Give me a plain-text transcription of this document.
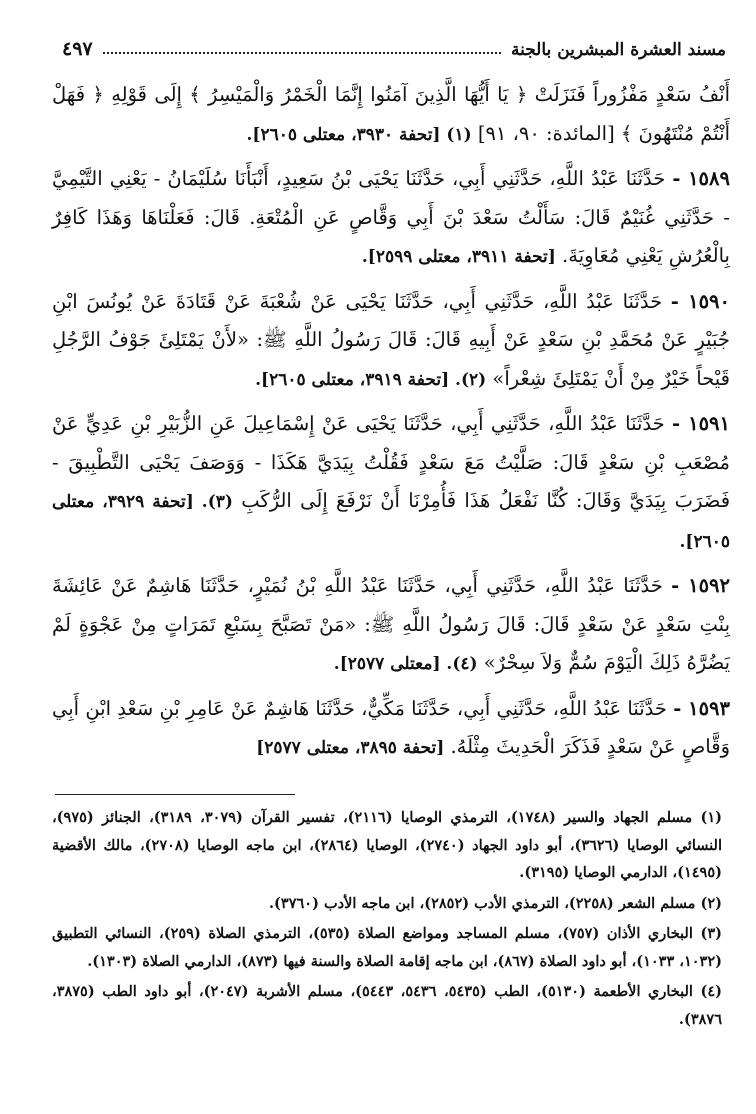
مسند العشرة المبشرين بالجنة
٤٩٧

أَنْفُ سَعْدٍ مَفْزُوراً فَنَزَلَتْ ﴿ يَا أَيُّهَا الَّذِينَ آمَنُوا إِنَّمَا الْخَمْرُ وَالْمَيْسِرُ ﴾ إِلَى قَوْلِهِ ﴿ فَهَلْ أَنْتُمْ مُنْتَهُونَ ﴾ [المائدة: ٩٠، ٩١] (١) [تحفة ٣٩٣٠، معتلى ٢٦٠٥].

١٥٨٩ - حَدَّثَنَا عَبْدُ اللَّهِ، حَدَّثَنِي أَبِي، حَدَّثَنَا يَحْيَى بْنُ سَعِيدٍ، أَنْبَأَنَا سُلَيْمَانُ - يَعْنِي التَّيْمِيَّ - حَدَّثَنِي غُنَيْمٌ قَالَ: سَأَلْتُ سَعْدَ بْنَ أَبِي وَقَّاصٍ عَنِ الْمُتْعَةِ. قَالَ: فَعَلْنَاهَا وَهَذَا كَافِرٌ بِالْعُرُشِ يَعْنِي مُعَاوِيَةَ. [تحفة ٣٩١١، معتلى ٢٥٩٩].

١٥٩٠ - حَدَّثَنَا عَبْدُ اللَّهِ، حَدَّثَنِي أَبِي، حَدَّثَنَا يَحْيَى عَنْ شُعْبَةَ عَنْ قَتَادَةَ عَنْ يُونُسَ ابْنِ جُبَيْرٍ عَنْ مُحَمَّدِ بْنِ سَعْدٍ عَنْ أَبِيهِ قَالَ: قَالَ رَسُولُ اللَّهِ ﷺ: «لأَنْ يَمْتَلِئَ جَوْفُ الرَّجُلِ قَيْحاً خَيْرٌ مِنْ أَنْ يَمْتَلِئَ شِعْراً» (٢). [تحفة ٣٩١٩، معتلى ٢٦٠٥].

١٥٩١ - حَدَّثَنَا عَبْدُ اللَّهِ، حَدَّثَنِي أَبِي، حَدَّثَنَا يَحْيَى عَنْ إِسْمَاعِيلَ عَنِ الزُّبَيْرِ بْنِ عَدِيٍّ عَنْ مُصْعَبِ بْنِ سَعْدٍ قَالَ: صَلَّيْتُ مَعَ سَعْدٍ فَقُلْتُ بِيَدَيَّ هَكَذَا - وَوَصَفَ يَحْيَى التَّطْبِيقَ - فَضَرَبَ بِيَدَيَّ وَقَالَ: كُنَّا نَفْعَلُ هَذَا فَأُمِرْنَا أَنْ نَرْفَعَ إِلَى الرُّكَبِ (٣). [تحفة ٣٩٢٩، معتلى ٢٦٠٥].

١٥٩٢ - حَدَّثَنَا عَبْدُ اللَّهِ، حَدَّثَنِي أَبِي، حَدَّثَنَا عَبْدُ اللَّهِ بْنُ نُمَيْرٍ، حَدَّثَنَا هَاشِمٌ عَنْ عَائِشَةَ بِنْتِ سَعْدٍ عَنْ سَعْدٍ قَالَ: قَالَ رَسُولُ اللَّهِ ﷺ: «مَنْ تَصَبَّحَ بِسَبْعِ تَمَرَاتٍ مِنْ عَجْوَةٍ لَمْ يَضُرَّهُ ذَلِكَ الْيَوْمَ سُمٌّ وَلاَ سِحْرٌ» (٤). [معتلى ٢٥٧٧].

١٥٩٣ - حَدَّثَنَا عَبْدُ اللَّهِ، حَدَّثَنِي أَبِي، حَدَّثَنَا مَكِّيٌّ، حَدَّثَنَا هَاشِمٌ عَنْ عَامِرِ بْنِ سَعْدِ ابْنِ أَبِي وَقَّاصٍ عَنْ سَعْدٍ فَذَكَرَ الْحَدِيثَ مِثْلَهُ. [تحفة ٣٨٩٥، معتلى ٢٥٧٧]

(١) مسلم الجهاد والسير (١٧٤٨)، الترمذي الوصايا (٢١١٦)، تفسير القرآن (٣٠٧٩، ٣١٨٩)، الجنائز (٩٧٥)، النسائي الوصايا (٣٦٢٦)، أبو داود الجهاد (٢٧٤٠)، الوصايا (٢٨٦٤)، ابن ماجه الوصايا (٢٧٠٨)، مالك الأقضية (١٤٩٥)، الدارمي الوصايا (٣١٩٥).

(٢) مسلم الشعر (٢٢٥٨)، الترمذي الأدب (٢٨٥٢)، ابن ماجه الأدب (٣٧٦٠).

(٣) البخاري الأذان (٧٥٧)، مسلم المساجد ومواضع الصلاة (٥٣٥)، الترمذي الصلاة (٢٥٩)، النسائي التطبيق (١٠٣٢، ١٠٣٣)، أبو داود الصلاة (٨٦٧)، ابن ماجه إقامة الصلاة والسنة فيها (٨٧٣)، الدارمي الصلاة (١٣٠٣).

(٤) البخاري الأطعمة (٥١٣٠)، الطب (٥٤٣٥، ٥٤٣٦، ٥٤٤٣)، مسلم الأشربة (٢٠٤٧)، أبو داود الطب (٣٨٧٥، ٣٨٧٦).
